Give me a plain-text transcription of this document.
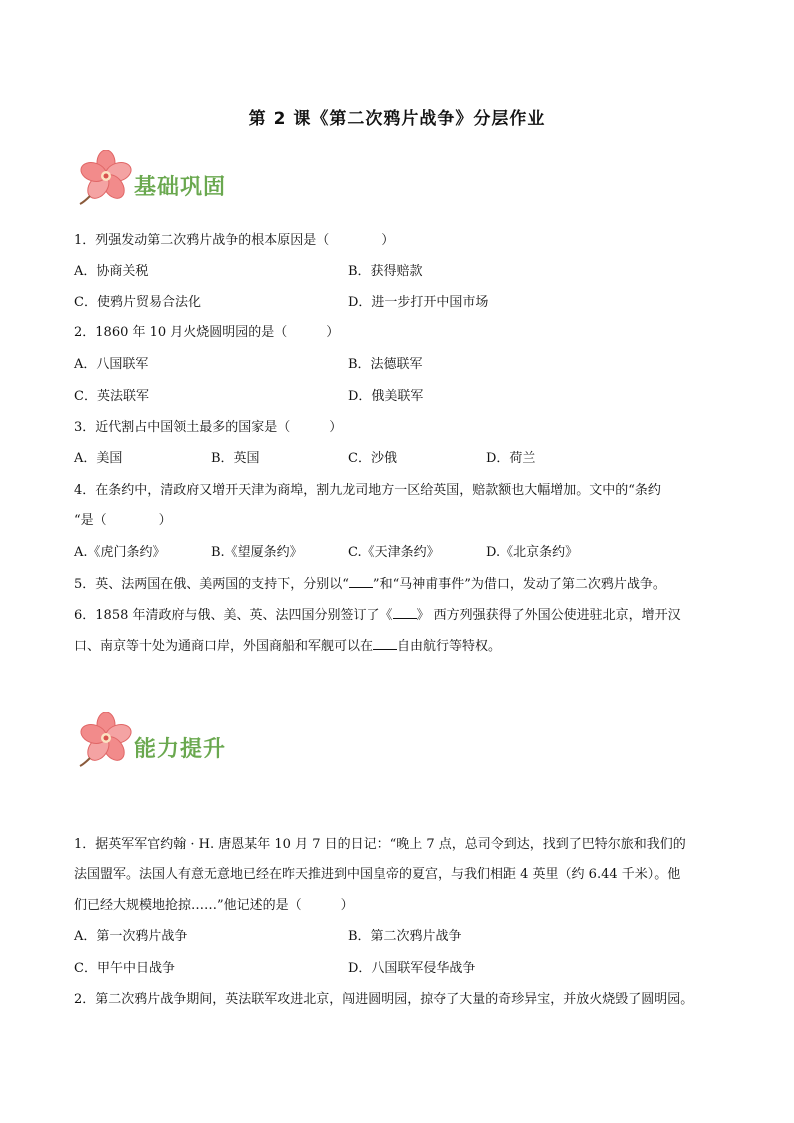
第 2 课《第二次鸦片战争》分层作业
基础巩固
1．列强发动第二次鸦片战争的根本原因是（　　　　）
A．协商关税	B．获得赔款
C．使鸦片贸易合法化	D．进一步打开中国市场
2．1860 年 10 月火烧圆明园的是（　　　）
A．八国联军	B．法德联军
C．英法联军	D．俄美联军
3．近代割占中国领土最多的国家是（　　　）
A．美国	B．英国	C．沙俄	D．荷兰
4．在条约中，清政府又增开天津为商埠，割九龙司地方一区给英国，赔款额也大幅增加。文中的“条约
“是（　　　　）
A.《虎门条约》	B.《望厦条约》	C.《天津条约》	D.《北京条约》
5．英、法两国在俄、美两国的支持下，分别以“ ”和“马神甫事件”为借口，发动了第二次鸦片战争。
6．1858 年清政府与俄、美、英、法四国分别签订了《 》 西方列强获得了外国公使进驻北京，增开汉
口、南京等十处为通商口岸，外国商船和军舰可以在 自由航行等特权。
能力提升
1．据英军军官约翰 · H. 唐恩某年 10 月 7 日的日记：“晚上 7 点，总司令到达，找到了巴特尔旅和我们的
法国盟军。法国人有意无意地已经在昨天推进到中国皇帝的夏宫，与我们相距 4 英里（约 6.44 千米）。他
们已经大规模地抢掠……”他记述的是（　　　）
A．第一次鸦片战争	B．第二次鸦片战争
C．甲午中日战争	D．八国联军侵华战争
2．第二次鸦片战争期间，英法联军攻进北京，闯进圆明园，掠夺了大量的奇珍异宝，并放火烧毁了圆明园。
